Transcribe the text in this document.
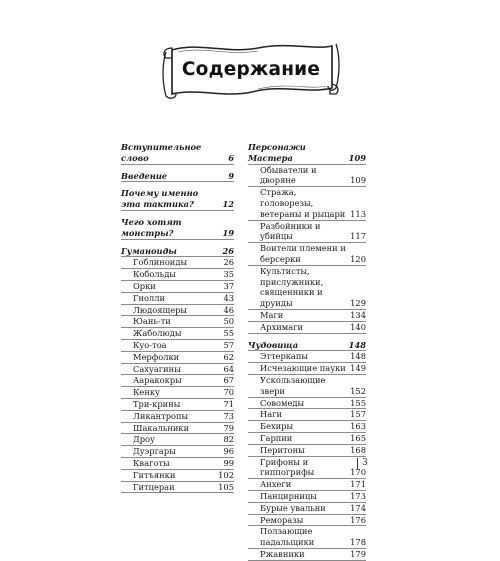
Содержание
Вступительное слово	6
Введение	9
Почему именно эта тактика?	12
Чего хотят монстры?	19
Гуманоиды	26
Гоблиноиды	26
Кобольды	35
Орки	37
Гнолли	43
Людоящеры	46
Юань-ти	50
Жаболюды	55
Куо-тоа	57
Мерфолки	62
Сахуагины	64
Ааракокры	67
Кенку	70
Три-крины	71
Ликантропы	73
Шакальники	79
Дроу	82
Дуэргары	96
Кваготы	99
Гитъянки	102
Гитцераи	105
Персонажи Мастера	109
Обыватели и дворяне	109
Стража, головорезы, ветераны и рыцари 113
Разбойники и убийцы	117
Воители племени и берсерки	120
Культисты, прислужники, священники и друиды	129
Маги	134
Архимаги	140
Чудовища	148
Эттеркапы	148
Исчезающие пауки 149
Ускользающие звери	152
Совомеды	155
Наги	157
Бехиры	163
Гарпии	165
Перитоны	168
Грифоны и гиппогрифы	170
Анхеги	171
Панцирницы	173
Бурые увальни	174
Реморазы	176
Ползающие падальщики	178
Ржавники	179
3
